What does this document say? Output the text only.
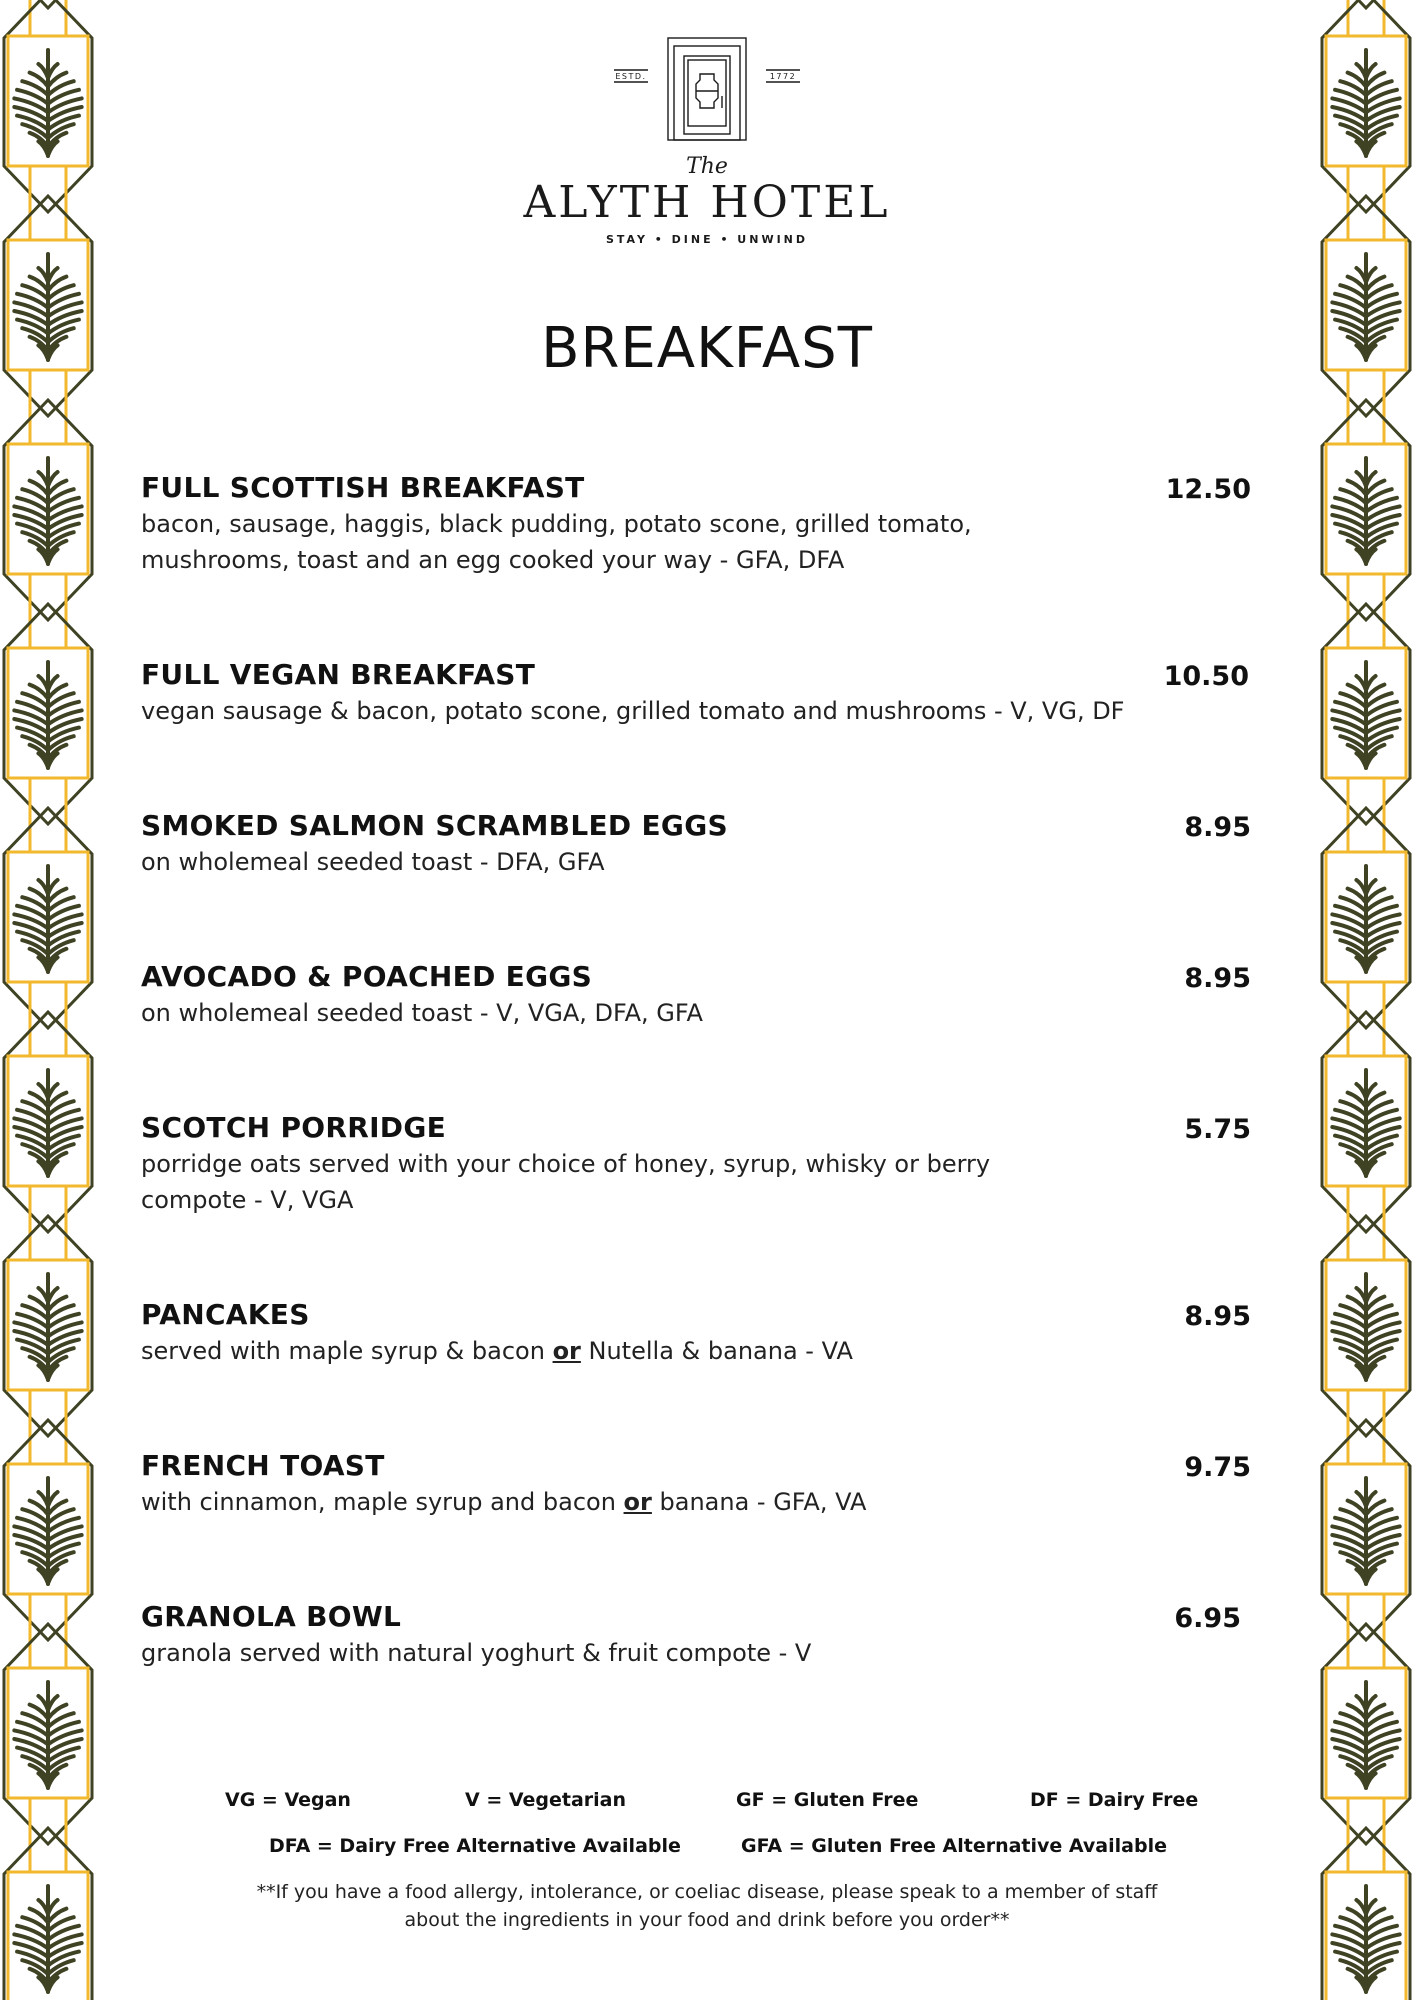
ESTD.	1772
The
ALYTH HOTEL
STAY • DINE • UNWIND
BREAKFAST
FULL SCOTTISH BREAKFAST
bacon, sausage, haggis, black pudding, potato scone, grilled tomato,
mushrooms, toast and an egg cooked your way - GFA, DFA
12.50
FULL VEGAN BREAKFAST
vegan sausage & bacon, potato scone, grilled tomato and mushrooms - V, VG, DF
10.50
SMOKED SALMON SCRAMBLED EGGS
on wholemeal seeded toast - DFA, GFA
8.95
AVOCADO & POACHED EGGS
on wholemeal seeded toast - V, VGA, DFA, GFA
8.95
SCOTCH PORRIDGE
porridge oats served with your choice of honey, syrup, whisky or berry
compote - V, VGA
5.75
PANCAKES
served with maple syrup & bacon or Nutella & banana - VA
8.95
FRENCH TOAST
with cinnamon, maple syrup and bacon or banana - GFA, VA
9.75
GRANOLA BOWL
granola served with natural yoghurt & fruit compote - V
6.95
VG = Vegan	V = Vegetarian	GF = Gluten Free	DF = Dairy Free
DFA = Dairy Free Alternative Available	GFA = Gluten Free Alternative Available
**If you have a food allergy, intolerance, or coeliac disease, please speak to a member of staff
about the ingredients in your food and drink before you order**
